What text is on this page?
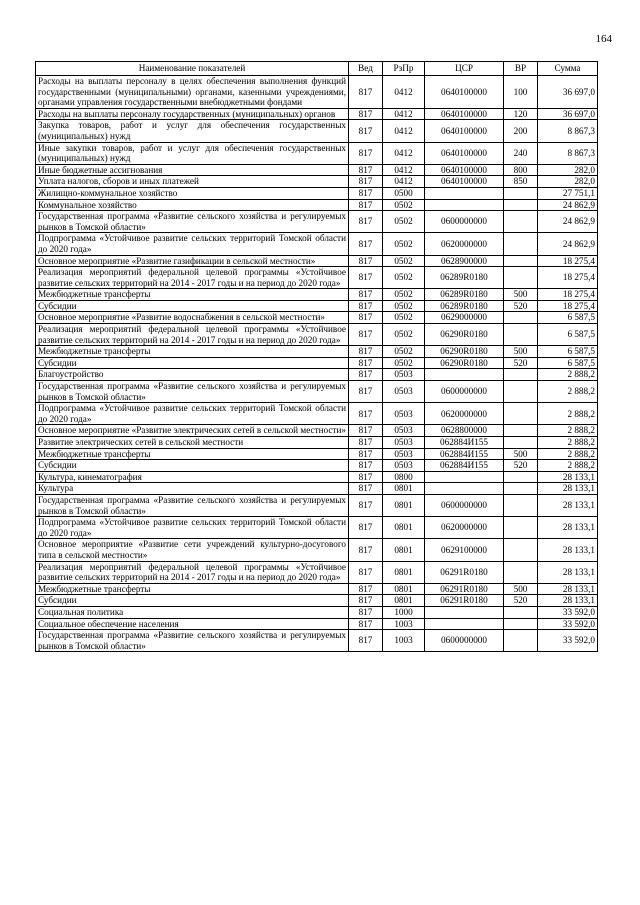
164
Наименование показателей	Вед	РзПр	ЦСР	ВР	Сумма
Расходы на выплаты персоналу в целях обеспечения выполнения функций государственными (муниципальными) органами, казенными учреждениями, органами управления государственными внебюджетными фондами	817	0412	0640100000	100	36 697,0
Расходы на выплаты персоналу государственных (муниципальных) органов	817	0412	0640100000	120	36 697,0
Закупка товаров, работ и услуг для обеспечения государственных (муниципальных) нужд	817	0412	0640100000	200	8 867,3
Иные закупки товаров, работ и услуг для обеспечения государственных (муниципальных) нужд	817	0412	0640100000	240	8 867,3
Иные бюджетные ассигнования	817	0412	0640100000	800	282,0
Уплата налогов, сборов и иных платежей	817	0412	0640100000	850	282,0
Жилищно-коммунальное хозяйство	817	0500			27 751,1
Коммунальное хозяйство	817	0502			24 862,9
Государственная программа «Развитие сельского хозяйства и регулируемых рынков в Томской области»	817	0502	0600000000		24 862,9
Подпрограмма «Устойчивое развитие сельских территорий Томской области до 2020 года»	817	0502	0620000000		24 862,9
Основное мероприятие «Развитие газификации в сельской местности»	817	0502	0628900000		18 275,4
Реализация мероприятий федеральной целевой программы «Устойчивое развитие сельских территорий на 2014 - 2017 годы и на период до 2020 года»	817	0502	06289R0180		18 275,4
Межбюджетные трансферты	817	0502	06289R0180	500	18 275,4
Субсидии	817	0502	06289R0180	520	18 275,4
Основное мероприятие «Развитие водоснабжения в сельской местности»	817	0502	0629000000		6 587,5
Реализация мероприятий федеральной целевой программы «Устойчивое развитие сельских территорий на 2014 - 2017 годы и на период до 2020 года»	817	0502	06290R0180		6 587,5
Межбюджетные трансферты	817	0502	06290R0180	500	6 587,5
Субсидии	817	0502	06290R0180	520	6 587,5
Благоустройство	817	0503			2 888,2
Государственная программа «Развитие сельского хозяйства и регулируемых рынков в Томской области»	817	0503	0600000000		2 888,2
Подпрограмма «Устойчивое развитие сельских территорий Томской области до 2020 года»	817	0503	0620000000		2 888,2
Основное мероприятие «Развитие электрических сетей в сельской местности»	817	0503	0628800000		2 888,2
Развитие электрических сетей в сельской местности	817	0503	062884И155		2 888,2
Межбюджетные трансферты	817	0503	062884И155	500	2 888,2
Субсидии	817	0503	062884И155	520	2 888,2
Культура, кинематография	817	0800			28 133,1
Культура	817	0801			28 133,1
Государственная программа «Развитие сельского хозяйства и регулируемых рынков в Томской области»	817	0801	0600000000		28 133,1
Подпрограмма «Устойчивое развитие сельских территорий Томской области до 2020 года»	817	0801	0620000000		28 133,1
Основное мероприятие «Развитие сети учреждений культурно-досугового типа в сельской местности»	817	0801	0629100000		28 133,1
Реализация мероприятий федеральной целевой программы «Устойчивое развитие сельских территорий на 2014 - 2017 годы и на период до 2020 года»	817	0801	06291R0180		28 133,1
Межбюджетные трансферты	817	0801	06291R0180	500	28 133,1
Субсидии	817	0801	06291R0180	520	28 133,1
Социальная политика	817	1000			33 592,0
Социальное обеспечение населения	817	1003			33 592,0
Государственная программа «Развитие сельского хозяйства и регулируемых рынков в Томской области»	817	1003	0600000000		33 592,0
